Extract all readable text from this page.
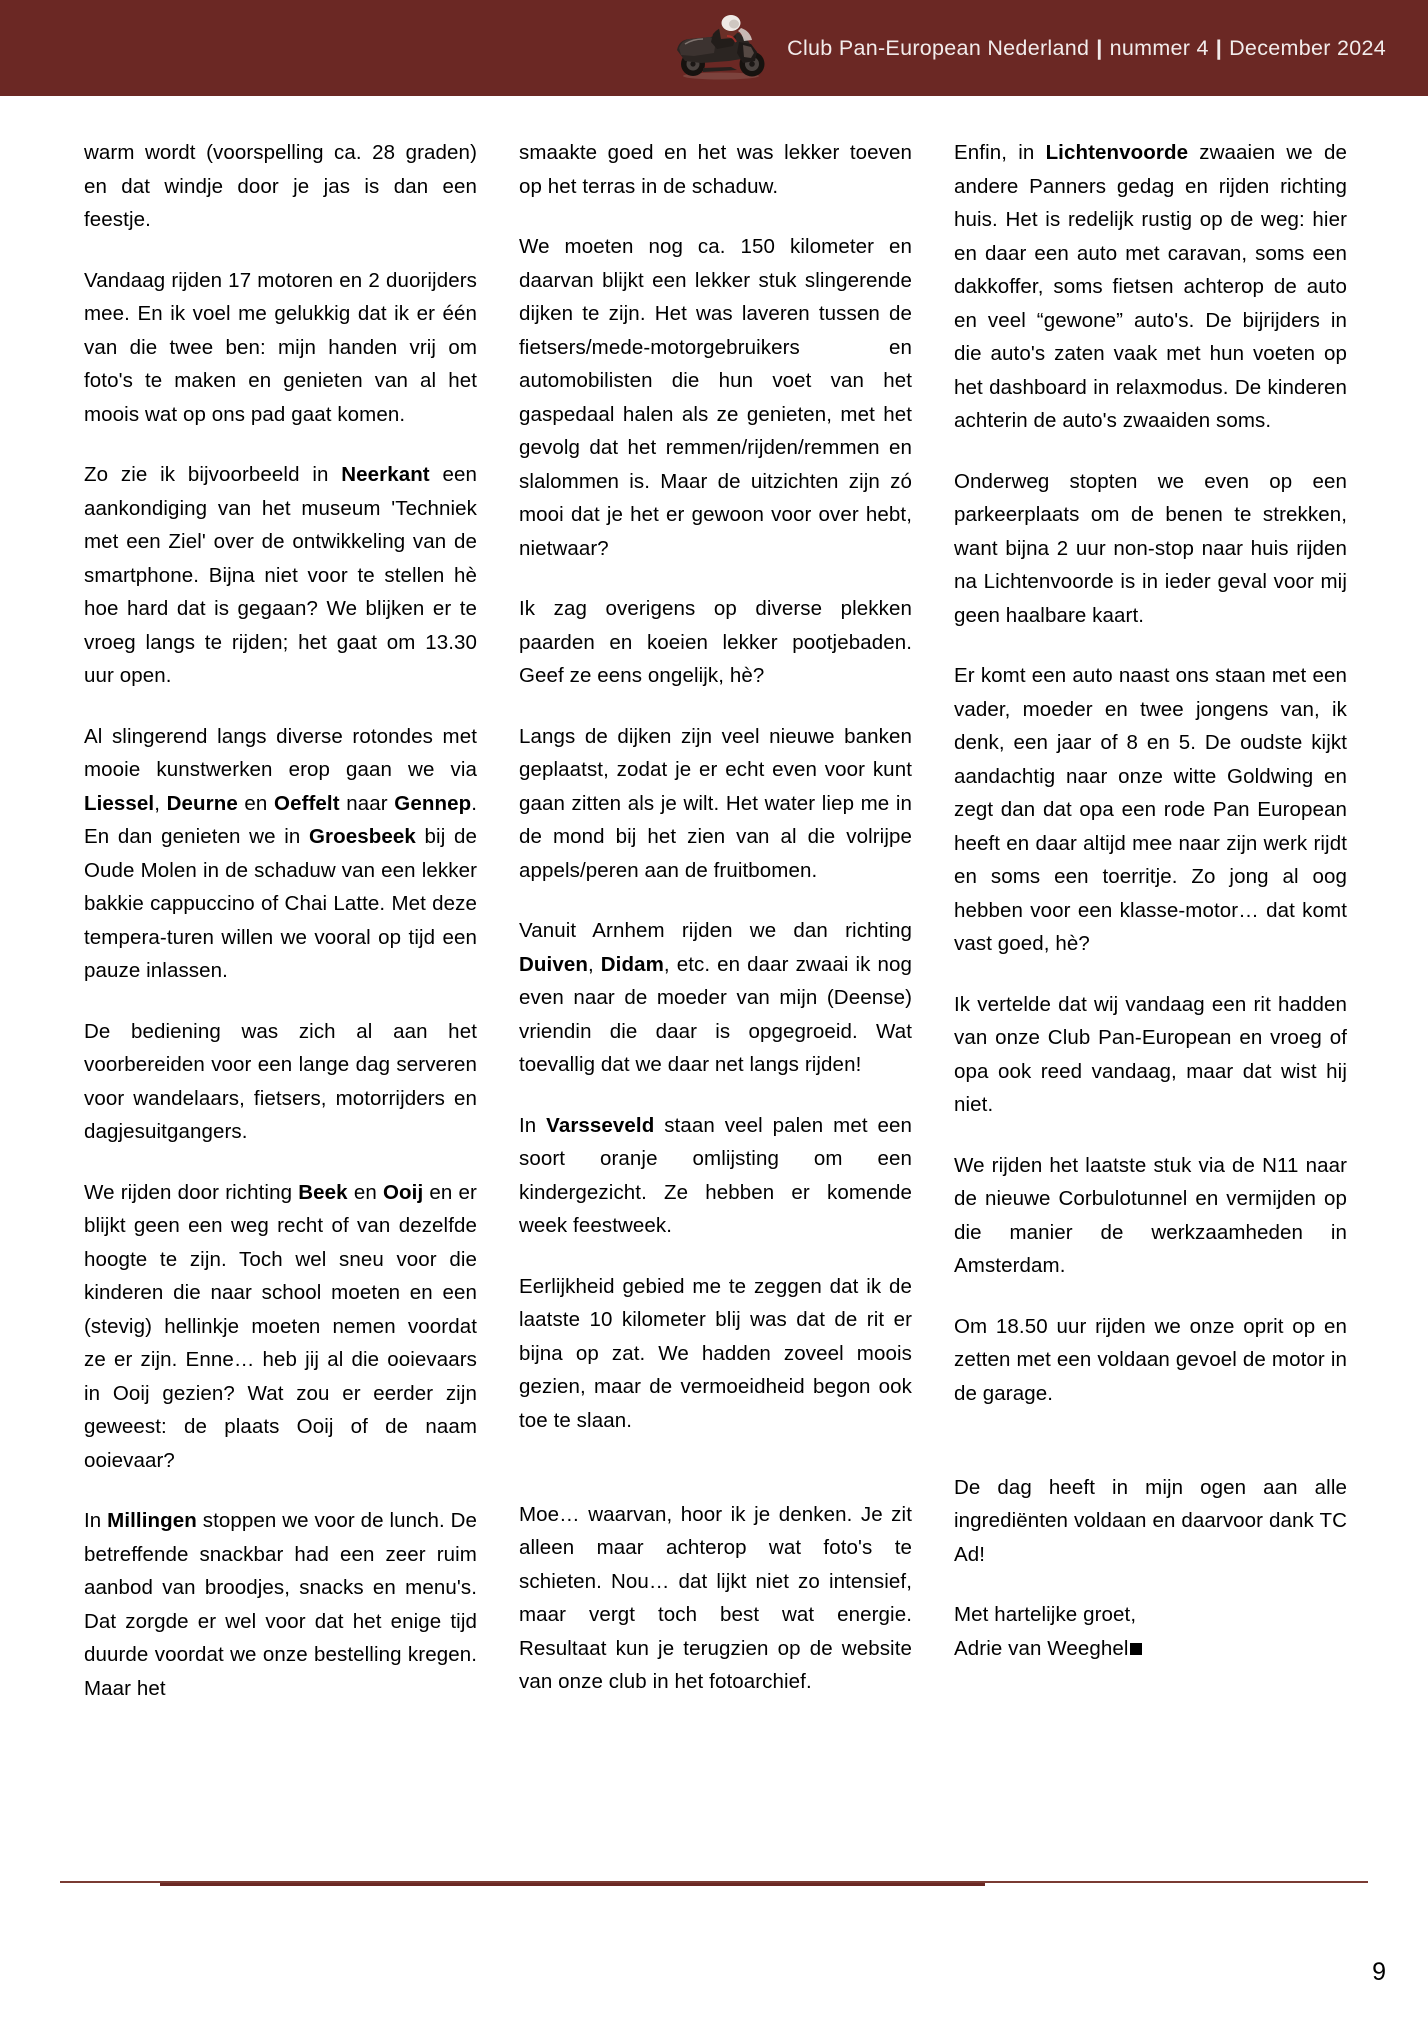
Club Pan-European Nederland | nummer 4 | December 2024

warm wordt (voorspelling ca. 28 graden) en dat windje door je jas is dan een feestje.

Vandaag rijden 17 motoren en 2 duorijders mee. En ik voel me gelukkig dat ik er één van die twee ben: mijn handen vrij om foto's te maken en genieten van al het moois wat op ons pad gaat komen.

Zo zie ik bijvoorbeeld in Neerkant een aankondiging van het museum 'Techniek met een Ziel' over de ontwikkeling van de smartphone. Bijna niet voor te stellen hè hoe hard dat is gegaan? We blijken er te vroeg langs te rijden; het gaat om 13.30 uur open.

Al slingerend langs diverse rotondes met mooie kunstwerken erop gaan we via Liessel, Deurne en Oeffelt naar Gennep. En dan genieten we in Groesbeek bij de Oude Molen in de schaduw van een lekker bakkie cappuccino of Chai Latte. Met deze tempera-turen willen we vooral op tijd een pauze inlassen.

De bediening was zich al aan het voorbereiden voor een lange dag serveren voor wandelaars, fietsers, motorrijders en dagjesuitgangers.

We rijden door richting Beek en Ooij en er blijkt geen een weg recht of van dezelfde hoogte te zijn. Toch wel sneu voor die kinderen die naar school moeten en een (stevig) hellinkje moeten nemen voordat ze er zijn. Enne… heb jij al die ooievaars in Ooij gezien? Wat zou er eerder zijn geweest: de plaats Ooij of de naam ooievaar?

In Millingen stoppen we voor de lunch. De betreffende snackbar had een zeer ruim aanbod van broodjes, snacks en menu's. Dat zorgde er wel voor dat het enige tijd duurde voordat we onze bestelling kregen. Maar het

smaakte goed en het was lekker toeven op het terras in de schaduw.

We moeten nog ca. 150 kilometer en daarvan blijkt een lekker stuk slingerende dijken te zijn. Het was laveren tussen de fietsers/mede-motorgebruikers en automobilisten die hun voet van het gaspedaal halen als ze genieten, met het gevolg dat het remmen/rijden/remmen en slalommen is. Maar de uitzichten zijn zó mooi dat je het er gewoon voor over hebt, nietwaar?

Ik zag overigens op diverse plekken paarden en koeien lekker pootjebaden. Geef ze eens ongelijk, hè?

Langs de dijken zijn veel nieuwe banken geplaatst, zodat je er echt even voor kunt gaan zitten als je wilt. Het water liep me in de mond bij het zien van al die volrijpe appels/peren aan de fruitbomen.

Vanuit Arnhem rijden we dan richting Duiven, Didam, etc. en daar zwaai ik nog even naar de moeder van mijn (Deense) vriendin die daar is opgegroeid. Wat toevallig dat we daar net langs rijden!

In Varsseveld staan veel palen met een soort oranje omlijsting om een kindergezicht. Ze hebben er komende week feestweek.

Eerlijkheid gebied me te zeggen dat ik de laatste 10 kilometer blij was dat de rit er bijna op zat. We hadden zoveel moois gezien, maar de vermoeidheid begon ook toe te slaan.

Moe… waarvan, hoor ik je denken. Je zit alleen maar achterop wat foto's te schieten. Nou… dat lijkt niet zo intensief, maar vergt toch best wat energie. Resultaat kun je terugzien op de website van onze club in het fotoarchief.

Enfin, in Lichtenvoorde zwaaien we de andere Panners gedag en rijden richting huis. Het is redelijk rustig op de weg: hier en daar een auto met caravan, soms een dakkoffer, soms fietsen achterop de auto en veel “gewone” auto's. De bijrijders in die auto's zaten vaak met hun voeten op het dashboard in relaxmodus. De kinderen achterin de auto's zwaaiden soms.

Onderweg stopten we even op een parkeerplaats om de benen te strekken, want bijna 2 uur non-stop naar huis rijden na Lichtenvoorde is in ieder geval voor mij geen haalbare kaart.

Er komt een auto naast ons staan met een vader, moeder en twee jongens van, ik denk, een jaar of 8 en 5. De oudste kijkt aandachtig naar onze witte Goldwing en zegt dan dat opa een rode Pan European heeft en daar altijd mee naar zijn werk rijdt en soms een toerritje. Zo jong al oog hebben voor een klasse-motor… dat komt vast goed, hè?

Ik vertelde dat wij vandaag een rit hadden van onze Club Pan-European en vroeg of opa ook reed vandaag, maar dat wist hij niet.

We rijden het laatste stuk via de N11 naar de nieuwe Corbulotunnel en vermijden op die manier de werkzaamheden in Amsterdam.

Om 18.50 uur rijden we onze oprit op en zetten met een voldaan gevoel de motor in de garage.

De dag heeft in mijn ogen aan alle ingrediënten voldaan en daarvoor dank TC Ad!

Met hartelijke groet,
Adrie van Weeghel

9
